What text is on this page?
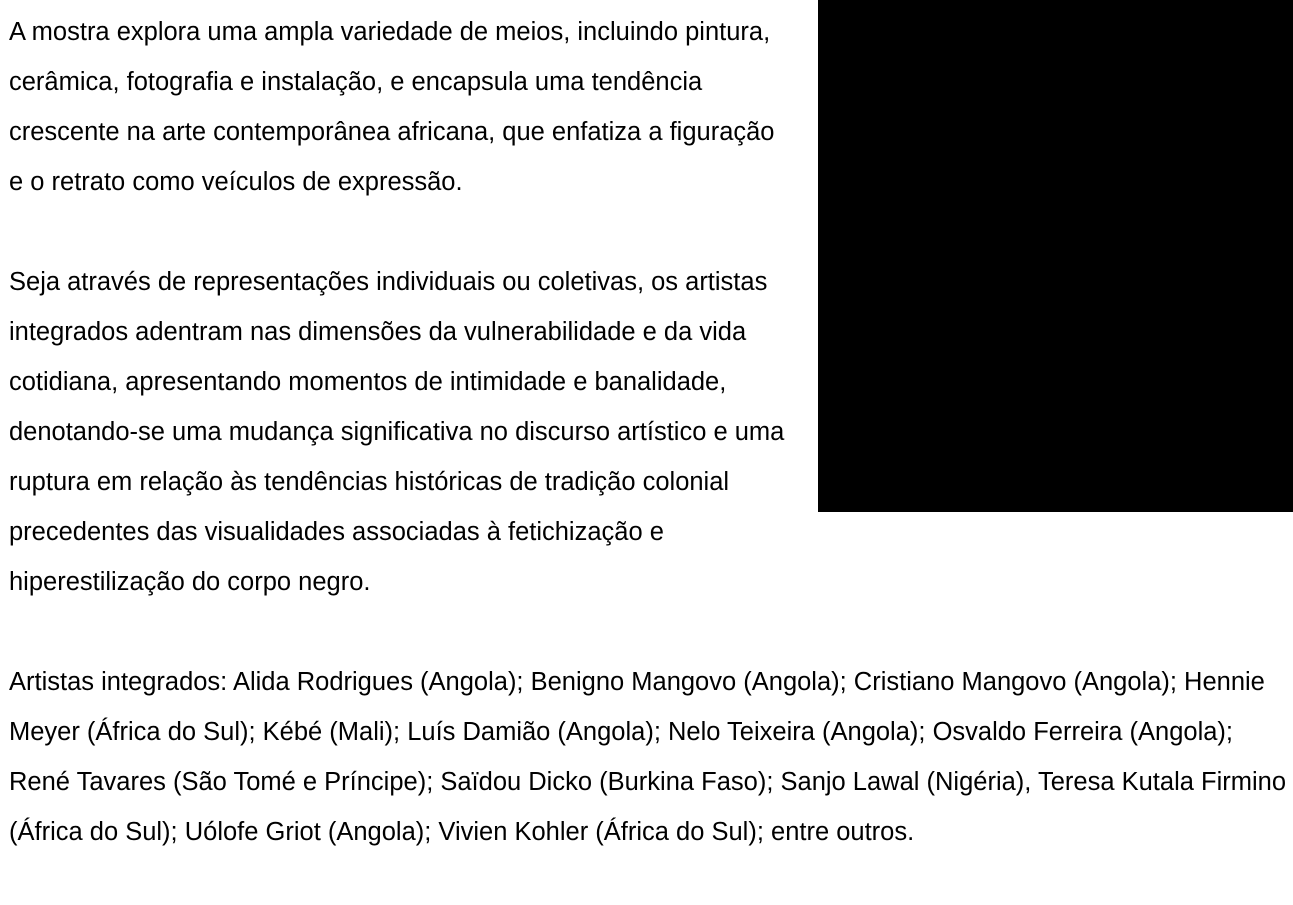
A mostra explora uma ampla variedade de meios, incluindo pintura, cerâmica, fotografia e instalação, e encapsula uma tendência crescente na arte contemporânea africana, que enfatiza a figuração e o retrato como veículos de expressão.

Seja através de representações individuais ou coletivas, os artistas integrados adentram nas dimensões da vulnerabilidade e da vida cotidiana, apresentando momentos de intimidade e banalidade, denotando-se uma mudança significativa no discurso artístico e uma ruptura em relação às tendências históricas de tradição colonial precedentes das visualidades associadas à fetichização e hiperestilização do corpo negro.

Artistas integrados: Alida Rodrigues (Angola); Benigno Mangovo (Angola); Cristiano Mangovo (Angola); Hennie Meyer (África do Sul); Kébé (Mali); Luís Damião (Angola); Nelo Teixeira (Angola); Osvaldo Ferreira (Angola); René Tavares (São Tomé e Príncipe); Saïdou Dicko (Burkina Faso); Sanjo Lawal (Nigéria), Teresa Kutala Firmino (África do Sul); Uólofe Griot (Angola); Vivien Kohler (África do Sul); entre outros.
